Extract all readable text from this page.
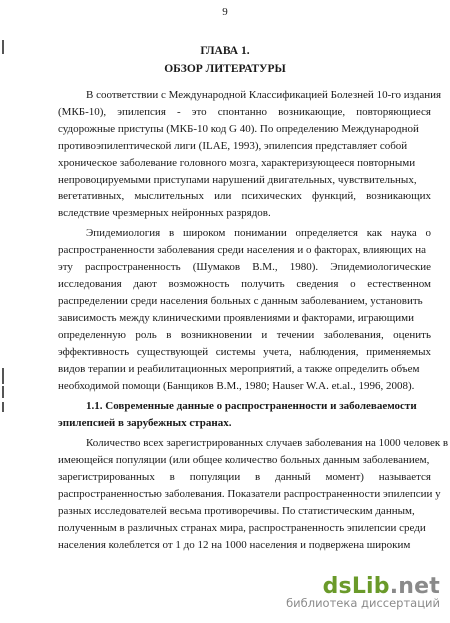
9
ГЛАВА 1.
ОБЗОР ЛИТЕРАТУРЫ
В соответствии с Международной Классификацией Болезней 10-го издания
(МКБ-10), эпилепсия - это спонтанно возникающие, повторяющиеся
судорожные приступы (МКБ-10 код G 40). По определению Международной
противоэпилептической лиги (ILAE, 1993), эпилепсия представляет собой
хроническое заболевание головного мозга, характеризующееся повторными
непровоцируемыми приступами нарушений двигательных, чувствительных,
вегетативных, мыслительных или психических функций, возникающих
вследствие чрезмерных нейронных разрядов.
Эпидемиология в широком понимании определяется как наука о
распространенности заболевания среди населения и о факторах, влияющих на
эту распространенность (Шумаков В.М., 1980). Эпидемиологические
исследования дают возможность получить сведения о естественном
распределении среди населения больных с данным заболеванием, установить
зависимость между клиническими проявлениями и факторами, играющими
определенную роль в возникновении и течении заболевания, оценить
эффективность существующей системы учета, наблюдения, применяемых
видов терапии и реабилитационных мероприятий, а также определить объем
необходимой помощи (Банщиков В.М., 1980; Hauser W.A. et.al., 1996, 2008).
1.1. Современные данные о распространенности и заболеваемости
эпилепсией в зарубежных странах.
Количество всех зарегистрированных случаев заболевания на 1000 человек в
имеющейся популяции (или общее количество больных данным заболеванием,
зарегистрированных в популяции в данный момент) называется
распространенностью заболевания. Показатели распространенности эпилепсии у
разных исследователей весьма противоречивы. По статистическим данным,
полученным в различных странах мира, распространенность эпилепсии среди
населения колеблется от 1 до 12 на 1000 населения и подвержена широким
dsLib.net
библиотека диссертаций
